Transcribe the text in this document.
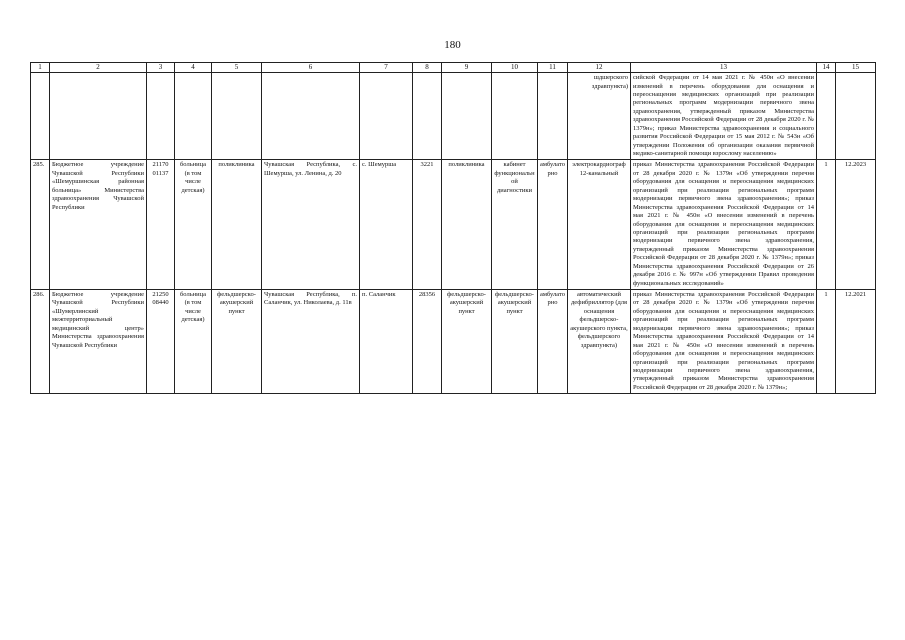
180
1	2	3	4	5	6	7	8	9	10	11	12	13	14	15
											шдшерского здравпункта)	сийской Федерации от 14 мая 2021 г. № 450н «О внесении изменений в перечень оборудования для оснащения и переоснащения медицинских организаций при реализации региональных программ модернизации первичного звена здравоохранения, утвержденный приказом Министерства здравоохранения Российской Федерации от 28 декабря 2020 г. № 1379н»; приказ Министерства здравоохранения и социального развития Российской Федерации от 15 мая 2012 г. № 543н «Об утверждении Положения об организации оказания первичной медико-санитарной помощи взрослому населению»		
285.	Бюджетное учреждение Чувашской Республики «Шемуршинская районная больница» Министерства здравоохранения Чувашской Республики	21170 01137	больница (в том числе детская)	поликлиника	Чувашская Республика, с. Шемурша, ул. Ленина, д. 20	с. Шемурша	3221	поликлиника	кабинет функциональной диагностики	амбулаторно	электрокардиограф 12-канальный	приказ Министерства здравоохранения Российской Федерации от 28 декабря 2020 г. № 1379н «Об утверждении перечня оборудования для оснащения и переоснащения медицинских организаций при реализации региональных программ модернизации первичного звена здравоохранения»; приказ Министерства здравоохранения Российской Федерации от 14 мая 2021 г. № 450н «О внесении изменений в перечень оборудования для оснащения и переоснащения медицинских организаций при реализации региональных программ модернизации первичного звена здравоохранения, утвержденный приказом Министерства здравоохранения Российской Федерации от 28 декабря 2020 г. № 1379н»; приказ Министерства здравоохранения Российской Федерации от 26 декабря 2016 г. № 997н «Об утверждении Правил проведения функциональных исследований»	1	12.2023
286.	Бюджетное учреждение Чувашской Республики «Шумерлинский межтерриториальный медицинский центр» Министерства здравоохранения Чувашской Республики	21250 08440	больница (в том числе детская)	фельдшерско-акушерский пункт	Чувашская Республика, п. Саланчик, ул. Николаева, д. 11в	п. Саланчик	28356	фельдшерско-акушерский пункт	фельдшерско-акушерский пункт	амбулаторно	автоматический дефибриллятор (для оснащения фельдшерско-акушерского пункта, фельдшерского здравпункта)	приказ Министерства здравоохранения Российской Федерации от 28 декабря 2020 г. № 1379н «Об утверждении перечня оборудования для оснащения и переоснащения медицинских организаций при реализации региональных программ модернизации первичного звена здравоохранения»; приказ Министерства здравоохранения Российской Федерации от 14 мая 2021 г. № 450н «О внесении изменений в перечень оборудования для оснащения и переоснащения медицинских организаций при реализации региональных программ модернизации первичного звена здравоохранения, утвержденный приказом Министерства здравоохранения Российской Федерации от 28 декабря 2020 г. № 1379н»;	1	12.2021
